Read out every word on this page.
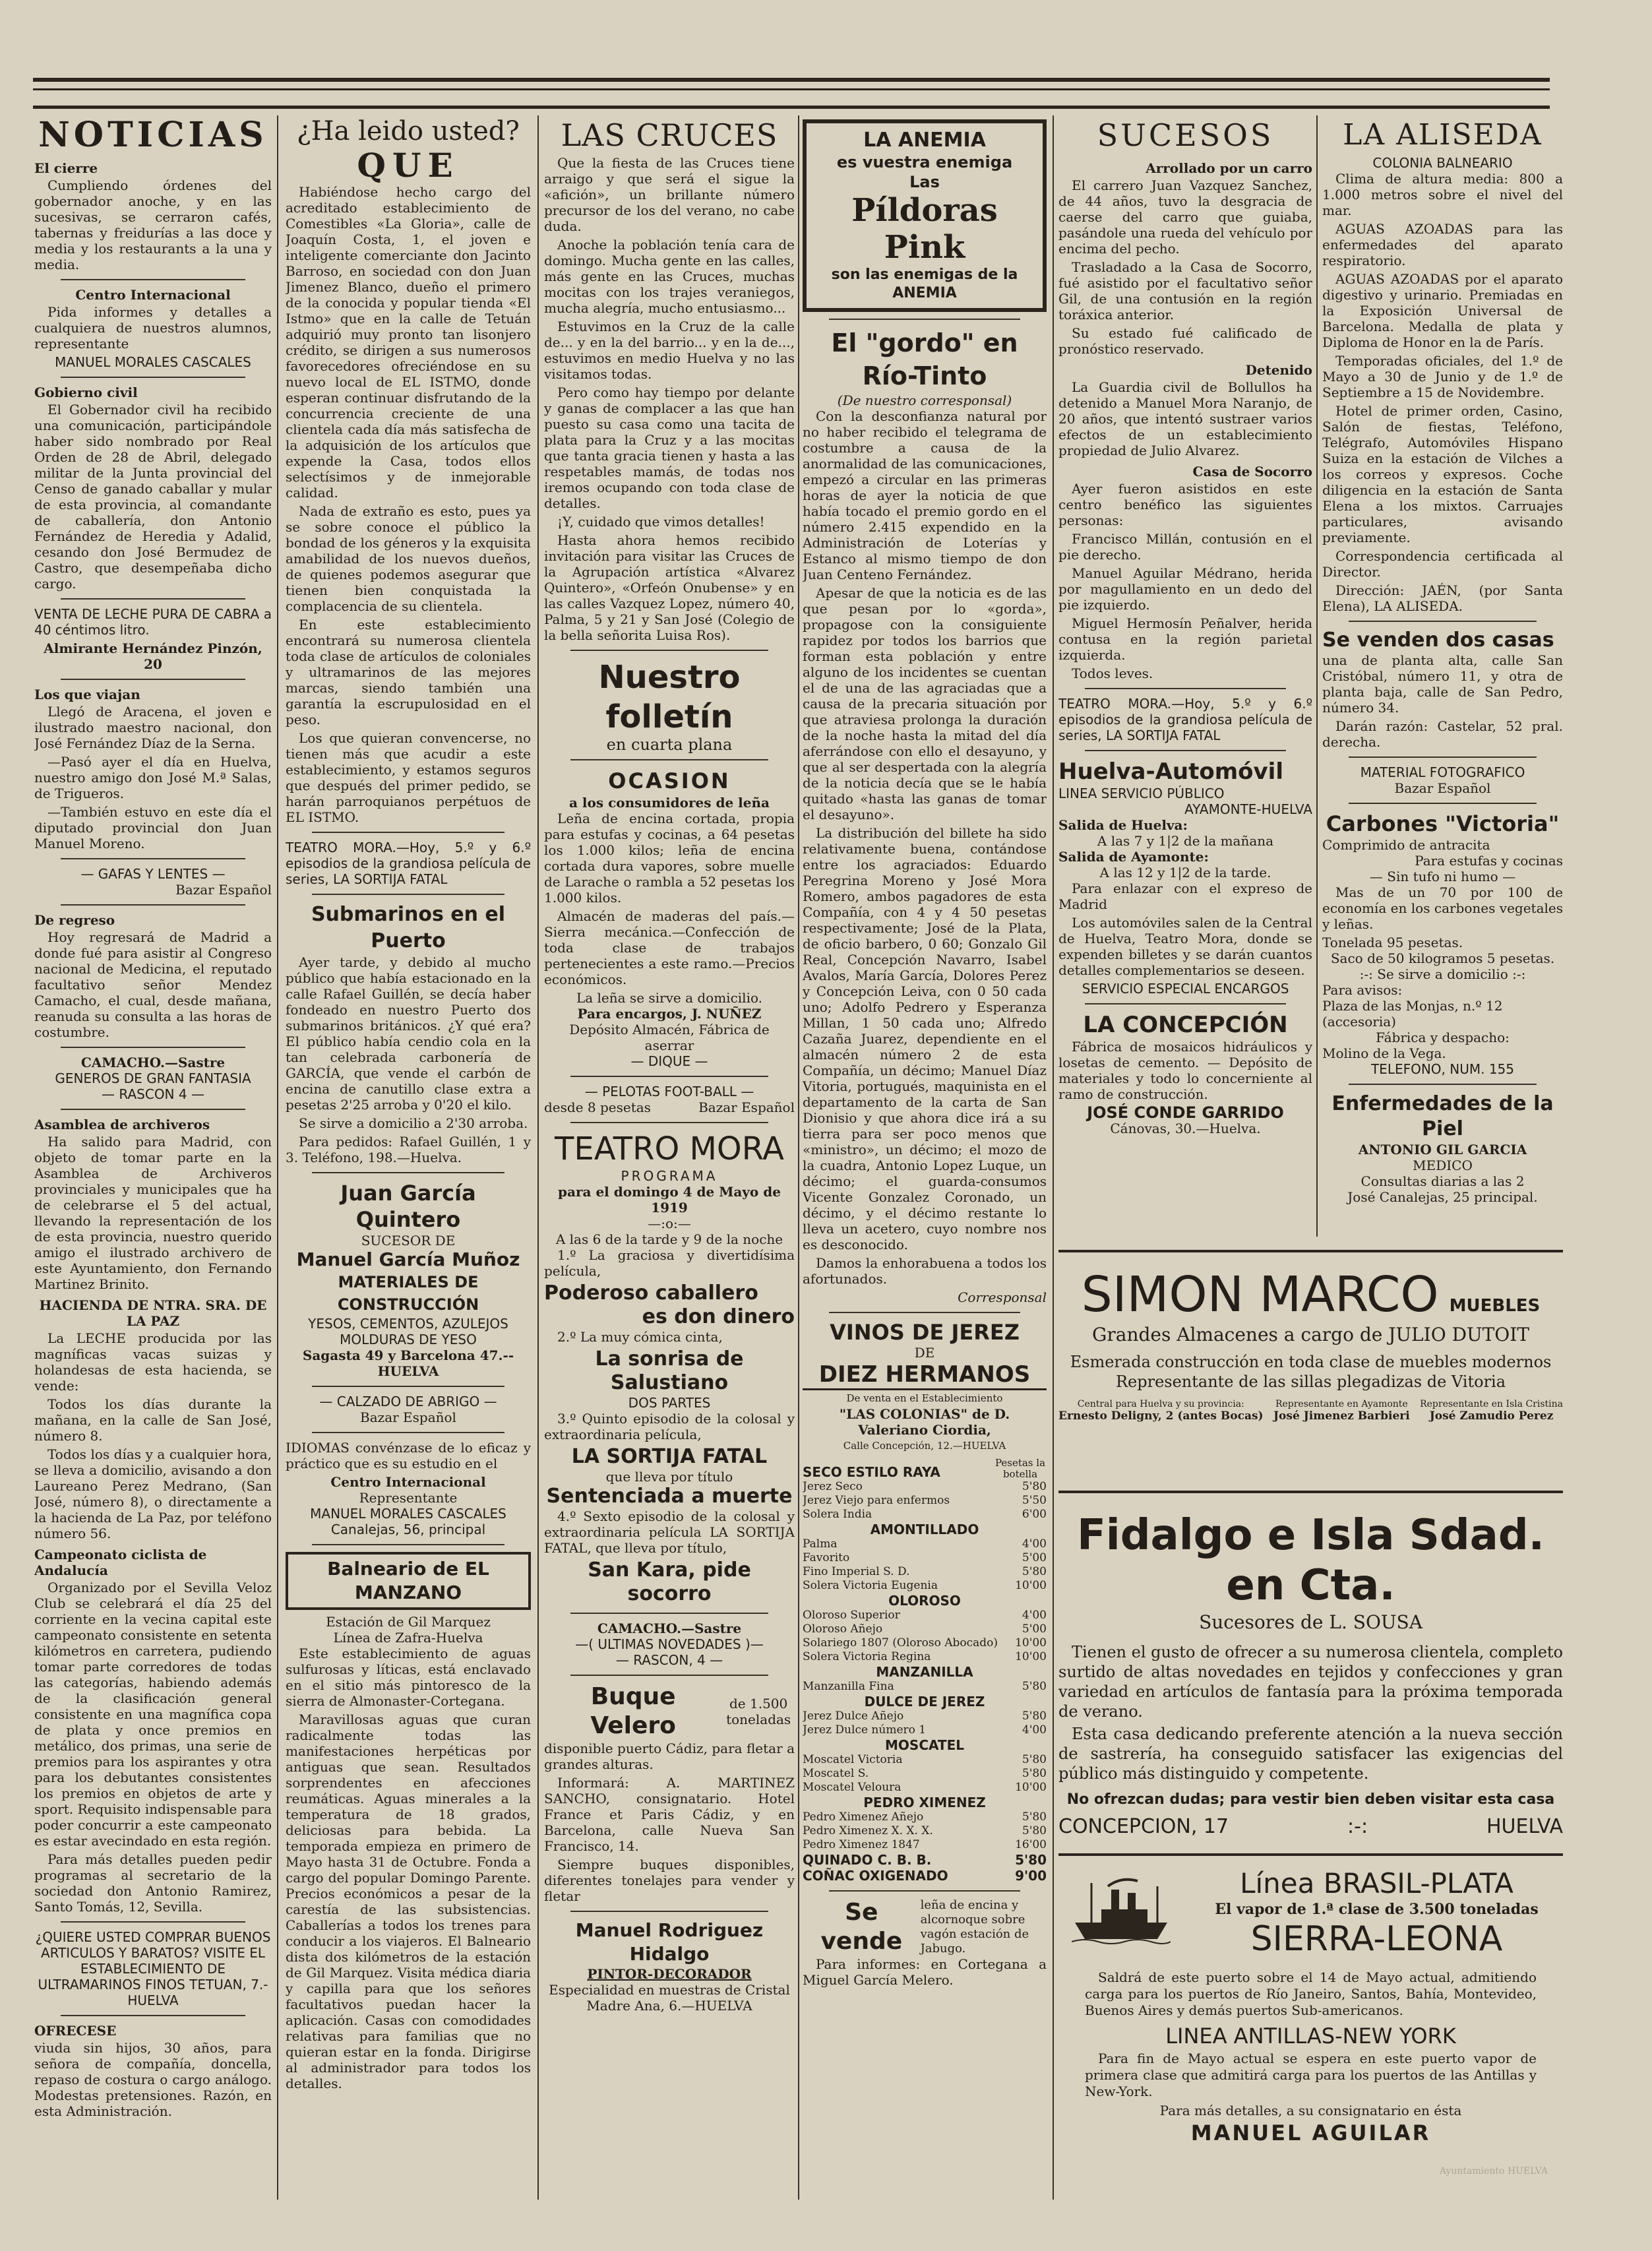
NOTICIAS
El cierre

Cumpliendo órdenes del gobernador anoche, y en las sucesivas, se cerraron cafés, tabernas y freidurías a las doce y media y los restaurants a la una y media.

Centro Internacional

Pida informes y detalles a cualquiera de nuestros alumnos, representante

MANUEL MORALES CASCALES
Gobierno civil

El Gobernador civil ha recibido una comunicación, participándole haber sido nombrado por Real Orden de 28 de Abril, delegado militar de la Junta provincial del Censo de ganado caballar y mular de esta provincia, al comandante de caballería, don Antonio Fernández de Heredia y Adalid, cesando don José Bermudez de Castro, que desempeñaba dicho cargo.

VENTA DE LECHE PURA DE CABRA a 40 céntimos litro.

Almirante Hernández Pinzón, 20
Los que viajan

Llegó de Aracena, el joven e ilustrado maestro nacional, don José Fernández Díaz de la Serna.

—Pasó ayer el día en Huelva, nuestro amigo don José M.ª Salas, de Trigueros.

—También estuvo en este día el diputado provincial don Juan Manuel Moreno.

— GAFAS Y LENTES —
Bazar Español
De regreso

Hoy regresará de Madrid a donde fué para asistir al Congreso nacional de Medicina, el reputado facultativo señor Mendez Camacho, el cual, desde mañana, reanuda su consulta a las horas de costumbre.

CAMACHO.—Sastre
GENEROS DE GRAN FANTASIA
— RASCON 4 —
Asamblea de archiveros

Ha salido para Madrid, con objeto de tomar parte en la Asamblea de Archiveros provinciales y municipales que ha de celebrarse el 5 del actual, llevando la representación de los de esta provincia, nuestro querido amigo el ilustrado archivero de este Ayuntamiento, don Fernando Martinez Brinito.

HACIENDA DE NTRA. SRA. DE LA PAZ

La LECHE producida por las magníficas vacas suizas y holandesas de esta hacienda, se vende:

Todos los días durante la mañana, en la calle de San José, número 8.

Todos los días y a cualquier hora, se lleva a domicilio, avisando a don Laureano Perez Medrano, (San José, número 8), o directamente a la hacienda de La Paz, por teléfono número 56.

Campeonato ciclista de Andalucía

Organizado por el Sevilla Veloz Club se celebrará el día 25 del corriente en la vecina capital este campeonato consistente en setenta kilómetros en carretera, pudiendo tomar parte corredores de todas las categorías, habiendo además de la clasificación general consistente en una magnífica copa de plata y once premios en metálico, dos primas, una serie de premios para los aspirantes y otra para los debutantes consistentes los premios en objetos de arte y sport. Requisito indispensable para poder concurrir a este campeonato es estar avecindado en esta región.

Para más detalles pueden pedir programas al secretario de la sociedad don Antonio Ramirez, Santo Tomás, 12, Sevilla.

¿QUIERE USTED COMPRAR BUENOS ARTICULOS Y BARATOS? VISITE EL ESTABLECIMIENTO DE ULTRAMARINOS FINOS TETUAN, 7.- HUELVA

OFRECESE

viuda sin hijos, 30 años, para señora de compañía, doncella, repaso de costura o cargo análogo. Modestas pretensiones. Razón, en esta Administración.

¿Ha leido usted?
QUE

Habiéndose hecho cargo del acreditado establecimiento de Comestibles «La Gloria», calle de Joaquín Costa, 1, el joven e inteligente comerciante don Jacinto Barroso, en sociedad con don Juan Jimenez Blanco, dueño el primero de la conocida y popular tienda «El Istmo» que en la calle de Tetuán adquirió muy pronto tan lisonjero crédito, se dirigen a sus numerosos favorecedores ofreciéndose en su nuevo local de EL ISTMO, donde esperan continuar disfrutando de la concurrencia creciente de una clientela cada día más satisfecha de la adquisición de los artículos que expende la Casa, todos ellos selectísimos y de inmejorable calidad.

Nada de extraño es esto, pues ya se sobre conoce el público la bondad de los géneros y la exquisita amabilidad de los nuevos dueños, de quienes podemos asegurar que tienen bien conquistada la complacencia de su clientela.

En este establecimiento encontrará su numerosa clientela toda clase de artículos de coloniales y ultramarinos de las mejores marcas, siendo también una garantía la escrupulosidad en el peso.

Los que quieran convencerse, no tienen más que acudir a este establecimiento, y estamos seguros que después del primer pedido, se harán parroquianos perpétuos de EL ISTMO.

TEATRO MORA.—Hoy, 5.º y 6.º episodios de la grandiosa película de series, LA SORTIJA FATAL

Submarinos en el Puerto

Ayer tarde, y debido al mucho público que había estacionado en la calle Rafael Guillén, se decía haber fondeado en nuestro Puerto dos submarinos británicos. ¿Y qué era? El público había cendio cola en la tan celebrada carbonería de GARCÍA, que vende el carbón de encina de canutillo clase extra a pesetas 2'25 arroba y 0'20 el kilo.

Se sirve a domicilio a 2'30 arroba.

Para pedidos: Rafael Guillén, 1 y 3. Teléfono, 198.—Huelva.

Juan García Quintero
SUCESOR DE
Manuel García Muñoz
MATERIALES DE CONSTRUCCIÓN
YESOS, CEMENTOS, AZULEJOS
MOLDURAS DE YESO
Sagasta 49 y Barcelona 47.--HUELVA
— CALZADO DE ABRIGO —
Bazar Español

IDIOMAS convénzase de lo eficaz y práctico que es su estudio en el

Centro Internacional
Representante
MANUEL MORALES CASCALES
Canalejas, 56, principal
Balneario de EL MANZANO
Estación de Gil Marquez
Línea de Zafra-Huelva

Este establecimiento de aguas sulfurosas y líticas, está enclavado en el sitio más pintoresco de la sierra de Almonaster-Cortegana.

Maravillosas aguas que curan radicalmente todas las manifestaciones herpéticas por antiguas que sean. Resultados sorprendentes en afecciones reumáticas. Aguas minerales a la temperatura de 18 grados, deliciosas para bebida. La temporada empieza en primero de Mayo hasta 31 de Octubre. Fonda a cargo del popular Domingo Parente. Precios económicos a pesar de la carestía de las subsistencias. Caballerías a todos los trenes para conducir a los viajeros. El Balneario dista dos kilómetros de la estación de Gil Marquez. Visita médica diaria y capilla para que los señores facultativos puedan hacer la aplicación. Casas con comodidades relativas para familias que no quieran estar en la fonda. Dirigirse al administrador para todos los detalles.

LAS CRUCES

Que la fiesta de las Cruces tiene arraigo y que será el sigue la «afición», un brillante número precursor de los del verano, no cabe duda.

Anoche la población tenía cara de domingo. Mucha gente en las calles, más gente en las Cruces, muchas mocitas con los trajes veraniegos, mucha alegría, mucho entusiasmo...

Estuvimos en la Cruz de la calle de... y en la del barrio... y en la de..., estuvimos en medio Huelva y no las visitamos todas.

Pero como hay tiempo por delante y ganas de complacer a las que han puesto su casa como una tacita de plata para la Cruz y a las mocitas que tanta gracia tienen y hasta a las respetables mamás, de todas nos iremos ocupando con toda clase de detalles.

¡Y, cuidado que vimos detalles!

Hasta ahora hemos recibido invitación para visitar las Cruces de la Agrupación artística «Alvarez Quintero», «Orfeón Onubense» y en las calles Vazquez Lopez, número 40, Palma, 5 y 21 y San José (Colegio de la bella señorita Luisa Ros).

Nuestro folletín
en cuarta plana
OCASION
a los consumidores de leña

Leña de encina cortada, propia para estufas y cocinas, a 64 pesetas los 1.000 kilos; leña de encina cortada dura vapores, sobre muelle de Larache o rambla a 52 pesetas los 1.000 kilos.

Almacén de maderas del país.—Sierra mecánica.—Confección de toda clase de trabajos pertenecientes a este ramo.—Precios económicos.

La leña se sirve a domicilio.
Para encargos, J. NUÑEZ
Depósito Almacén, Fábrica de aserrar
— DIQUE —
— PELOTAS FOOT-BALL —
desde 8 pesetas	Bazar Español
TEATRO MORA
PROGRAMA
para el domingo 4 de Mayo de 1919
—:o:—
A las 6 de la tarde y 9 de la noche

1.º La graciosa y divertidísima película,

Poderoso caballero
es don dinero

2.º La muy cómica cinta,

La sonrisa de Salustiano
DOS PARTES

3.º Quinto episodio de la colosal y extraordinaria película,

LA SORTIJA FATAL
que lleva por título
Sentenciada a muerte

4.º Sexto episodio de la colosal y extraordinaria película LA SORTIJA FATAL, que lleva por título,

San Kara, pide socorro
CAMACHO.—Sastre
—( ULTIMAS NOVEDADES )—
— RASCON, 4 —
Buque Velero
de 1.500 toneladas

disponible puerto Cádiz, para fletar a grandes alturas.

Informará: A. MARTINEZ SANCHO, consignatario. Hotel France et Paris Cádiz, y en Barcelona, calle Nueva San Francisco, 14.

Siempre buques disponibles, diferentes tonelajes para vender y fletar

Manuel Rodriguez Hidalgo
PINTOR-DECORADOR
Especialidad en muestras de Cristal
Madre Ana, 6.—HUELVA
LA ANEMIA
es vuestra enemiga
Las
Píldoras Pink
son las enemigas de la ANEMIA
El "gordo" en Río-Tinto
(De nuestro corresponsal)

Con la desconfianza natural por no haber recibido el telegrama de costumbre a causa de la anormalidad de las comunicaciones, empezó a circular en las primeras horas de ayer la noticia de que había tocado el premio gordo en el número 2.415 expendido en la Administración de Loterías y Estanco al mismo tiempo de don Juan Centeno Fernández.

Apesar de que la noticia es de las que pesan por lo «gorda», propagose con la consiguiente rapidez por todos los barrios que forman esta población y entre alguno de los incidentes se cuentan el de una de las agraciadas que a causa de la precaria situación por que atraviesa prolonga la duración de la noche hasta la mitad del día aferrándose con ello el desayuno, y que al ser despertada con la alegría de la noticia decía que se le había quitado «hasta las ganas de tomar el desayuno».

La distribución del billete ha sido relativamente buena, contándose entre los agraciados: Eduardo Peregrina Moreno y José Mora Romero, ambos pagadores de esta Compañía, con 4 y 4 50 pesetas respectivamente; José de la Plata, de oficio barbero, 0 60; Gonzalo Gil Real, Concepción Navarro, Isabel Avalos, María García, Dolores Perez y Concepción Leiva, con 0 50 cada uno; Adolfo Pedrero y Esperanza Millan, 1 50 cada uno; Alfredo Cazaña Juarez, dependiente en el almacén número 2 de esta Compañía, un décimo; Manuel Díaz Vitoria, portugués, maquinista en el departamento de la carta de San Dionisio y que ahora dice irá a su tierra para ser poco menos que «ministro», un décimo; el mozo de la cuadra, Antonio Lopez Luque, un décimo; el guarda-consumos Vicente Gonzalez Coronado, un décimo, y el décimo restante lo lleva un acetero, cuyo nombre nos es desconocido.

Damos la enhorabuena a todos los afortunados.

Corresponsal
VINOS DE JEREZ
DE
DIEZ HERMANOS
De venta en el Establecimiento
"LAS COLONIAS" de D. Valeriano Ciordia,
Calle Concepción, 12.—HUELVA
SECO ESTILO RAYA
Pesetas la botella
Jerez Seco	5'80
Jerez Viejo para enfermos	5'50
Solera India	6'00
AMONTILLADO
Palma	4'00
Favorito	5'00
Fino Imperial S. D.	5'80
Solera Victoria Eugenia	10'00
OLOROSO
Oloroso Superior	4'00
Oloroso Añejo	5'00
Solariego 1807 (Oloroso Abocado) 10'00
Solera Victoria Regina	10'00
MANZANILLA
Manzanilla Fina	5'80
DULCE DE JEREZ
Jerez Dulce Añejo	5'80
Jerez Dulce número 1	4'00
MOSCATEL
Moscatel Victoria	5'80
Moscatel S.	5'80
Moscatel Veloura	10'00
PEDRO XIMENEZ
Pedro Ximenez Añejo	5'80
Pedro Ximenez X. X. X.	5'80
Pedro Ximenez 1847	16'00
QUINADO C. B. B.	5'80
COÑAC OXIGENADO	9'00
Se vende
leña de encina y alcornoque sobre vagón estación de Jabugo.

Para informes: en Cortegana a Miguel García Melero.

SUCESOS
Arrollado por un carro

El carrero Juan Vazquez Sanchez, de 44 años, tuvo la desgracia de caerse del carro que guiaba, pasándole una rueda del vehículo por encima del pecho.

Trasladado a la Casa de Socorro, fué asistido por el facultativo señor Gil, de una contusión en la región toráxica anterior.

Su estado fué calificado de pronóstico reservado.

Detenido

La Guardia civil de Bollullos ha detenido a Manuel Mora Naranjo, de 20 años, que intentó sustraer varios efectos de un establecimiento propiedad de Julio Alvarez.

Casa de Socorro

Ayer fueron asistidos en este centro benéfico las siguientes personas:

Francisco Millán, contusión en el pie derecho.

Manuel Aguilar Médrano, herida por magullamiento en un dedo del pie izquierdo.

Miguel Hermosín Peñalver, herida contusa en la región parietal izquierda.

Todos leves.

TEATRO MORA.—Hoy, 5.º y 6.º episodios de la grandiosa película de series, LA SORTIJA FATAL

Huelva-Automóvil
LINEA SERVICIO PÚBLICO
AYAMONTE-HUELVA
Salida de Huelva:
A las 7 y 1|2 de la mañana
Salida de Ayamonte:
A las 12 y 1|2 de la tarde.

Para enlazar con el expreso de Madrid

Los automóviles salen de la Central de Huelva, Teatro Mora, donde se expenden billetes y se darán cuantos detalles complementarios se deseen.

SERVICIO ESPECIAL ENCARGOS
LA CONCEPCIÓN

Fábrica de mosaicos hidráulicos y losetas de cemento. — Depósito de materiales y todo lo concerniente al ramo de construcción.

JOSÉ CONDE GARRIDO
Cánovas, 30.—Huelva.
LA ALISEDA
COLONIA BALNEARIO

Clima de altura media: 800 a 1.000 metros sobre el nivel del mar.

AGUAS AZOADAS para las enfermedades del aparato respiratorio.

AGUAS AZOADAS por el aparato digestivo y urinario. Premiadas en la Exposición Universal de Barcelona. Medalla de plata y Diploma de Honor en la de París.

Temporadas oficiales, del 1.º de Mayo a 30 de Junio y de 1.º de Septiembre a 15 de Novidembre.

Hotel de primer orden, Casino, Salón de fiestas, Teléfono, Telégrafo, Automóviles Hispano Suiza en la estación de Vilches a los correos y expresos. Coche diligencia en la estación de Santa Elena a los mixtos. Carruajes particulares, avisando previamente.

Correspondencia certificada al Director.

Dirección: JAÉN, (por Santa Elena), LA ALISEDA.

Se venden dos casas

una de planta alta, calle San Cristóbal, número 11, y otra de planta baja, calle de San Pedro, número 34.

Darán razón: Castelar, 52 pral. derecha.

MATERIAL FOTOGRAFICO
Bazar Español
Carbones "Victoria"
Comprimido de antracita
Para estufas y cocinas
— Sin tufo ni humo —

Mas de un 70 por 100 de economía en los carbones vegetales y leñas.

Tonelada 95 pesetas.
Saco de 50 kilogramos 5 pesetas.
:-: Se sirve a domicilio :-:
Para avisos:
Plaza de las Monjas, n.º 12 (accesoria)
Fábrica y despacho:
Molino de la Vega.
TELEFONO, NUM. 155
Enfermedades de la Piel
ANTONIO GIL GARCIA
MEDICO
Consultas diarias a las 2
José Canalejas, 25 principal.
SIMON MARCO MUEBLES
Grandes Almacenes a cargo de JULIO DUTOIT
Esmerada construcción en toda clase de muebles modernos
Representante de las sillas plegadizas de Vitoria
Central para Huelva y su provincia:
Ernesto Deligny, 2 (antes Bocas)
Representante en Ayamonte
José Jimenez Barbieri
Representante en Isla Cristina
José Zamudio Perez
Fidalgo e Isla Sdad. en Cta.
Sucesores de L. SOUSA

Tienen el gusto de ofrecer a su numerosa clientela, completo surtido de altas novedades en tejidos y confecciones y gran variedad en artículos de fantasía para la próxima temporada de verano.

Esta casa dedicando preferente atención a la nueva sección de sastrería, ha conseguido satisfacer las exigencias del público más distinguido y competente.

No ofrezcan dudas; para vestir bien deben visitar esta casa
CONCEPCION, 17	:-:	HUELVA
Línea BRASIL-PLATA
El vapor de 1.ª clase de 3.500 toneladas
SIERRA-LEONA

Saldrá de este puerto sobre el 14 de Mayo actual, admitiendo carga para los puertos de Río Janeiro, Santos, Bahía, Montevideo, Buenos Aires y demás puertos Sub-americanos.

LINEA ANTILLAS-NEW YORK

Para fin de Mayo actual se espera en este puerto vapor de primera clase que admitirá carga para los puertos de las Antillas y New-York.

Para más detalles, a su consignatario en ésta
MANUEL AGUILAR
Ayuntamiento HUELVA
